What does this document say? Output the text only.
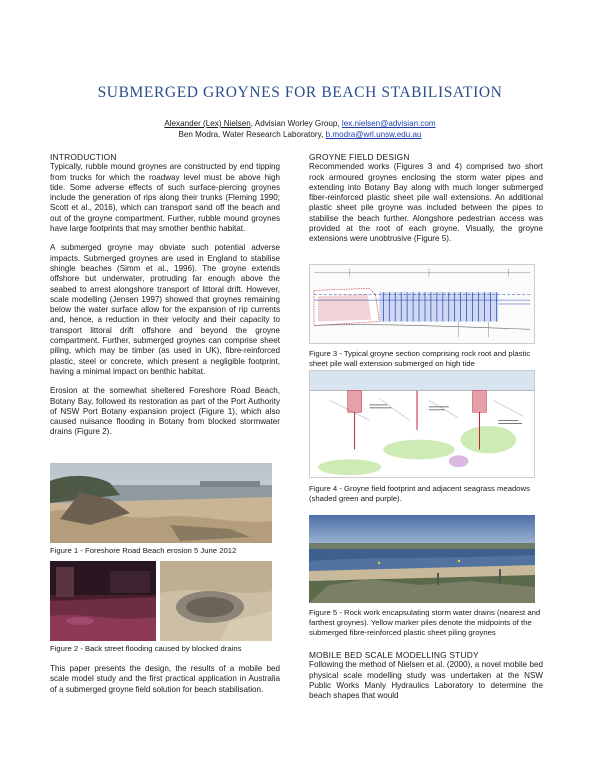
SUBMERGED GROYNES FOR BEACH STABILISATION
Alexander (Lex) Nielsen, Advisian Worley Group, lex.nielsen@advisian.com
Ben Modra, Water Research Laboratory, b.modra@wrl.unsw.edu.au
INTRODUCTION

Typically, rubble mound groynes are constructed by end tipping from trucks for which the roadway level must be above high tide. Some adverse effects of such surface-piercing groynes include the generation of rips along their trunks (Fleming 1990; Scott et al., 2016), which can transport sand off the beach and out of the groyne compartment. Further, rubble mound groynes have large footprints that may smother benthic habitat.

A submerged groyne may obviate such potential adverse impacts. Submerged groynes are used in England to stabilise shingle beaches (Simm et al., 1996). The groyne extends offshore but underwater, protruding far enough above the seabed to arrest alongshore transport of littoral drift. However, scale modelling (Jensen 1997) showed that groynes remaining below the water surface allow for the expansion of rip currents and, hence, a reduction in their velocity and their capacity to transport littoral drift offshore and beyond the groyne compartment. Further, submerged groynes can comprise sheet piling, which may be timber (as used in UK), fibre-reinforced plastic, steel or concrete, which present a negligible footprint, having a minimal impact on benthic habitat.

Erosion at the somewhat sheltered Foreshore Road Beach, Botany Bay, followed its restoration as part of the Port Authority of NSW Port Botany expansion project (Figure 1), which also caused nuisance flooding in Botany from blocked stormwater drains (Figure 2).

Figure 1 - Foreshore Road Beach erosion 5 June 2012
Figure 2 - Back street flooding caused by blocked drains

This paper presents the design, the results of a mobile bed scale model study and the first practical application in Australia of a submerged groyne field solution for beach stabilisation.

GROYNE FIELD DESIGN

Recommended works (Figures 3 and 4) comprised two short rock armoured groynes enclosing the storm water pipes and extending into Botany Bay along with much longer submerged fiber-reinforced plastic sheet pile wall extensions. An additional plastic sheet pile groyne was included between the pipes to stabilise the beach further. Alongshore pedestrian access was provided at the root of each groyne. Visually, the groyne extensions were unobtrusive (Figure 5).

Figure 3 - Typical groyne section comprising rock root and plastic sheet pile wall extension submerged on high tide
Figure 4 - Groyne field footprint and adjacent seagrass meadows (shaded green and purple).
Figure 5 - Rock work encapsulating storm water drains (nearest and farthest groynes). Yellow marker piles denote the midpoints of the submerged fibre-reinforced plastic sheet piling groynes
MOBILE BED SCALE MODELLING STUDY

Following the method of Nielsen et al. (2000), a novel mobile bed physical scale modelling study was undertaken at the NSW Public Works Manly Hydraulics Laboratory to determine the beach shapes that would
